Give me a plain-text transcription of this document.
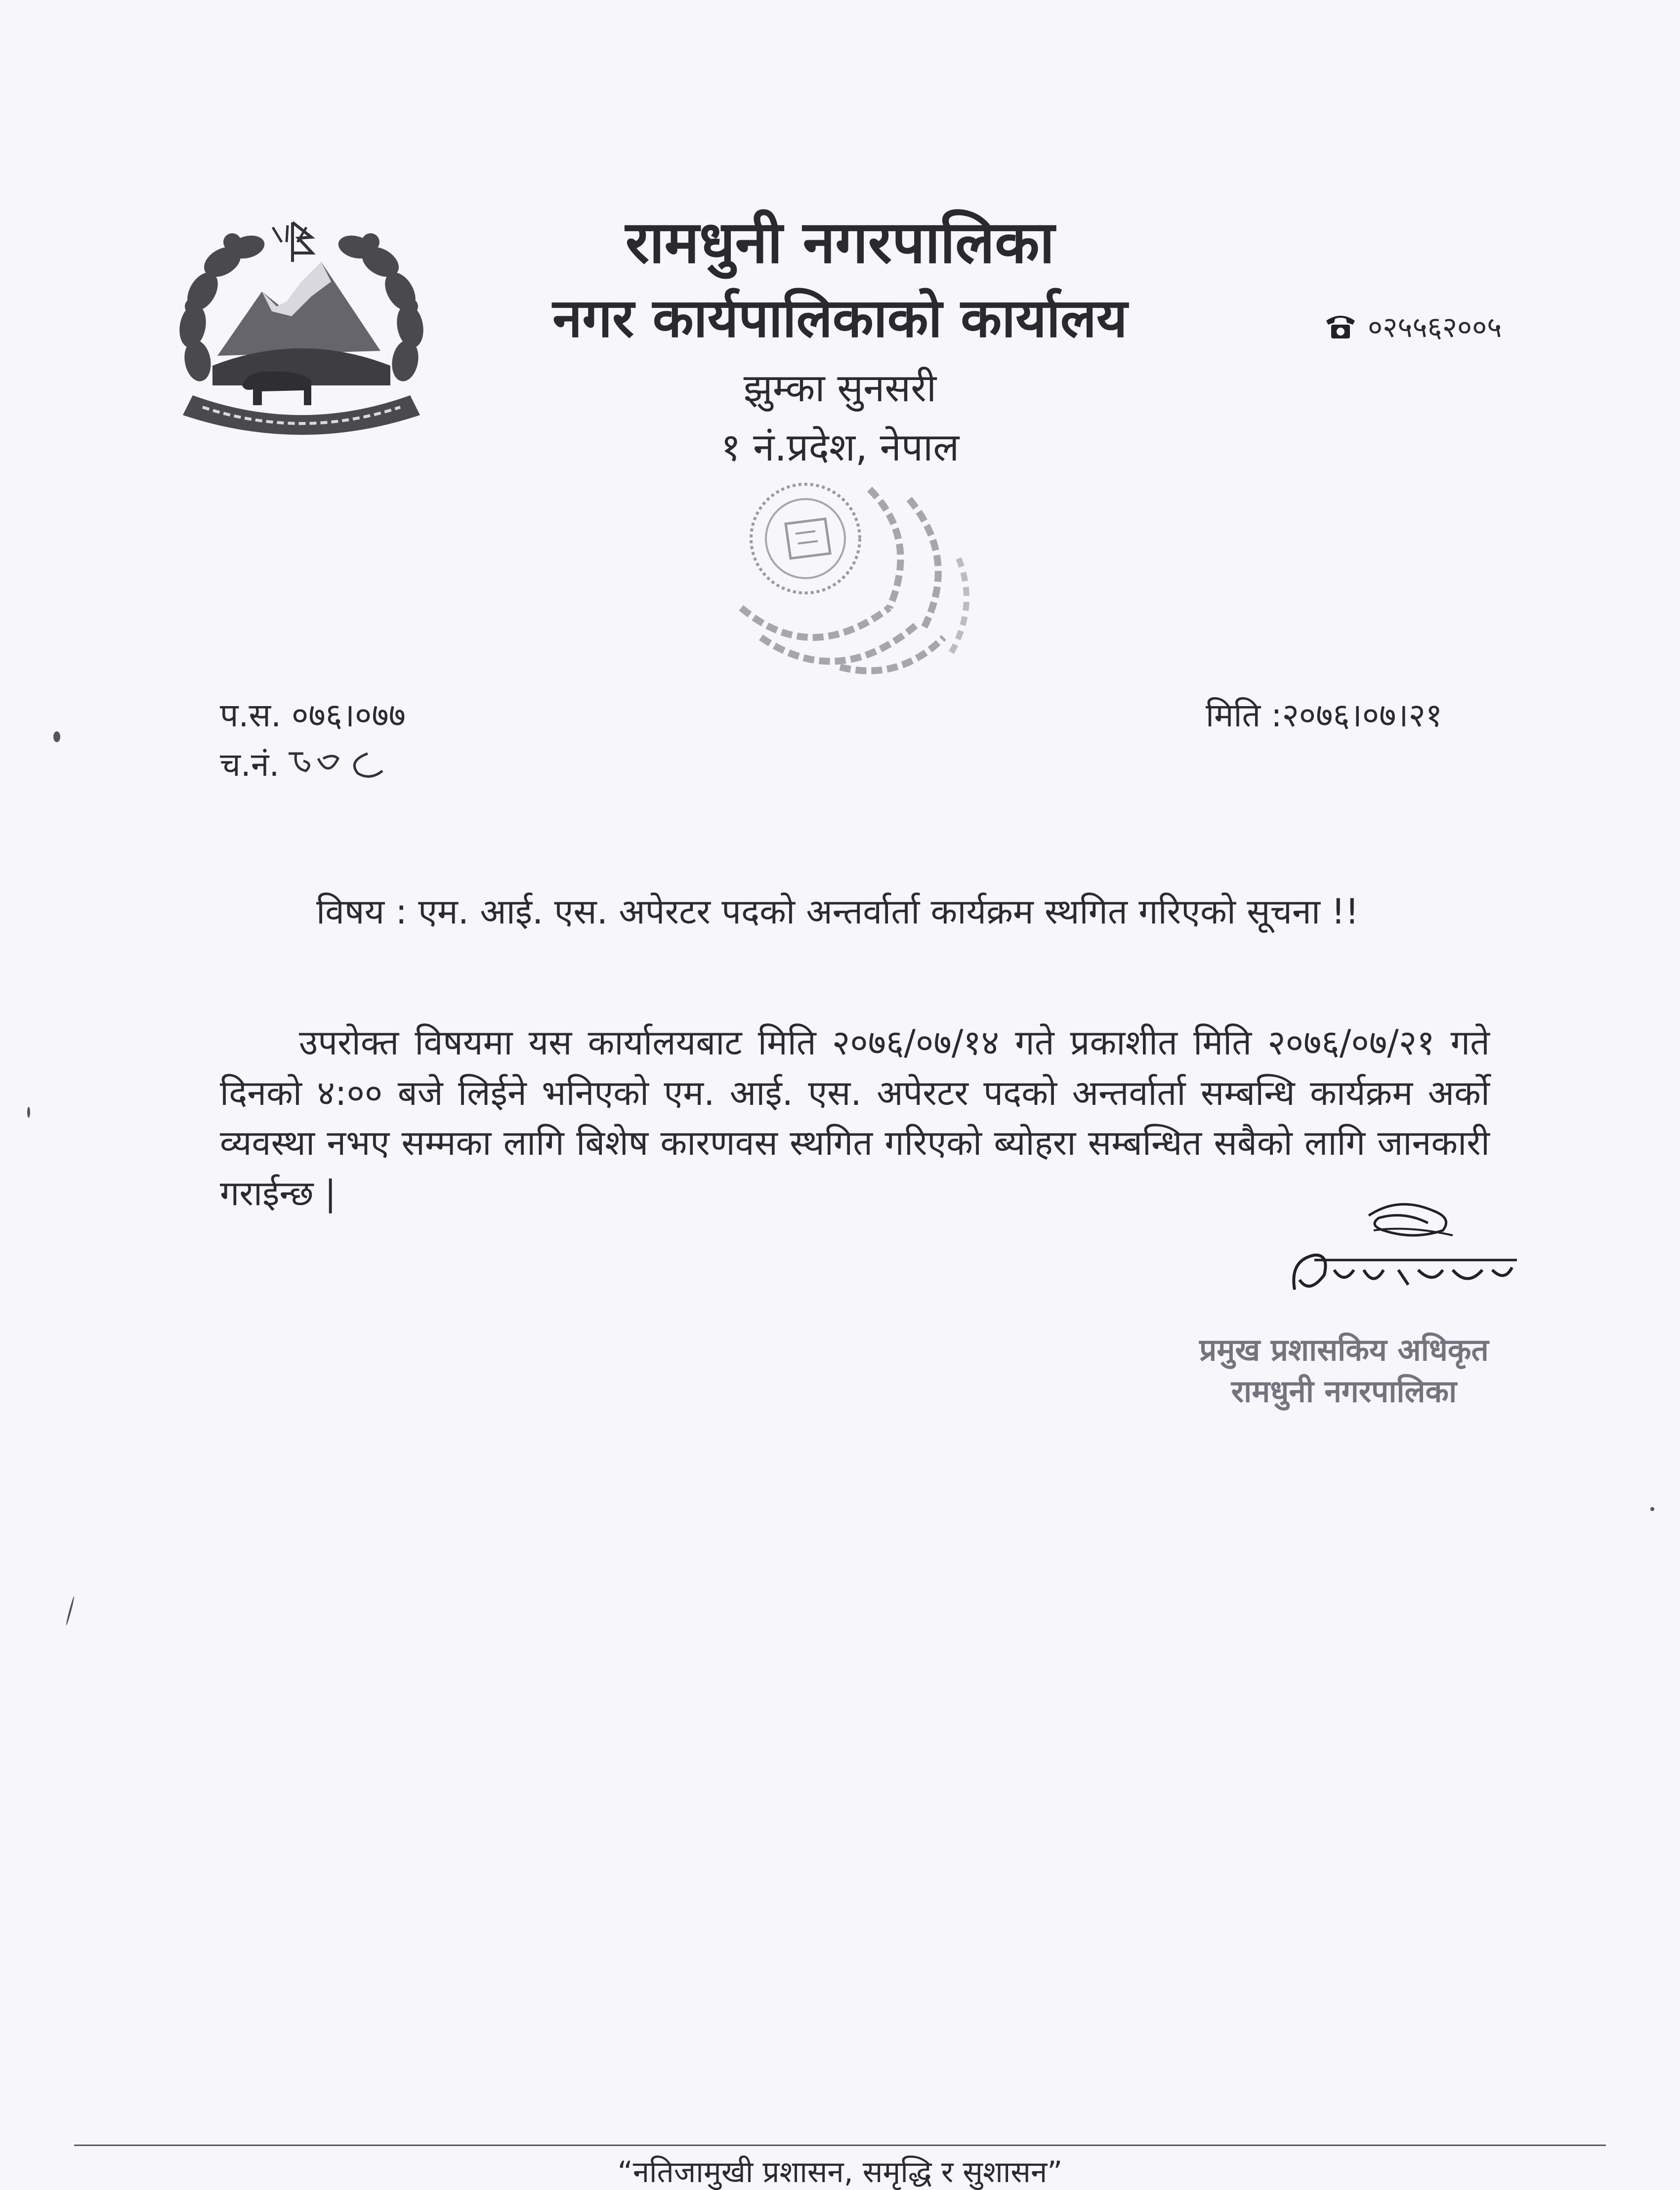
रामधुनी नगरपालिका
नगर कार्यपालिकाको कार्यालय	०२५५६२००५
झुम्का सुनसरी
१ नं.प्रदेश, नेपाल
प.स. ०७६।०७७
च.नं.
मिति :२०७६।०७।२१
विषय : एम. आई. एस. अपेरटर पदको अन्तर्वार्ता कार्यक्रम स्थगित गरिएको सूचना !!
उपरोक्त विषयमा यस कार्यालयबाट मिति २०७६/०७/१४ गते प्रकाशीत मिति २०७६/०७/२१ गते दिनको ४:०० बजे लिईने भनिएको एम. आई. एस. अपेरटर पदको अन्तर्वार्ता सम्बन्धि कार्यक्रम अर्को व्यवस्था नभए सम्मका लागि बिशेष कारणवस स्थगित गरिएको ब्योहरा सम्बन्धित सबैको लागि जानकारी गराईन्छ |
प्रमुख प्रशासकिय अधिकृत
रामधुनी नगरपालिका
“नतिजामुखी प्रशासन, समृद्धि र सुशासन”
